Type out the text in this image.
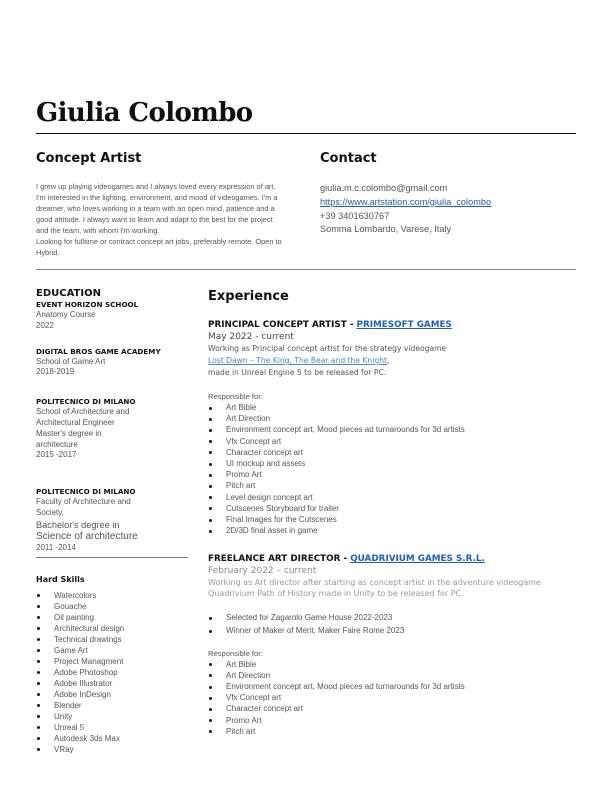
Giulia Colombo
Concept Artist	Contact

I grew up playing videogames and I always loved every expression of art. I'm interested in the lighting, environment, and mood of videogames. I'm a dreamer, who loves working in a team with an open mind, patience and a good attitude. I always want to learn and adapt to the best for the project and the team, with whom I'm working.

Looking for fulltime or contract concept art jobs, preferably remote. Open to Hybrid.

giulia.m.c.colombo@gmail.com
https://www.artstation.com/giulia_colombo
+39 3401630767
Somma Lombardo, Varese, Italy
EDUCATION
EVENT HORIZON SCHOOL
Anatomy Course
2022
DIGITAL BROS GAME ACADEMY
School of Game Art
2018-2019
POLITECNICO DI MILANO
School of Architecture and
Architectural Engineer
Master's degree in
architecture
2015 -2017
POLITECNICO DI MILANO
Faculty of Architecture and
Society,
Bachelor's degree in
Science of architecture
2011 -2014
Hard Skills
Watercolors
Gouache
Oil painting
Architectural design
Technical drawings
Game Art
Project Managment
Adobe Photoshop
Adobe Illustrator
Adobe InDesign
Blender
Unity
Unreal 5
Autodesk 3ds Max
VRay
Experience
PRINCIPAL CONCEPT ARTIST - PRIMESOFT GAMES
May 2022 - current
Working as Principal concept artist for the strategy videogame
Lost Dawn – The King, The Bear and the Knight,
made in Unreal Engine 5 to be released for PC.
Responsible for:
Art Bible
Art Direction
Environment concept art, Mood pieces ad turnarounds for 3d artists
Vfx Concept art
Character concept art
UI mockup and assets
Promo Art
Pitch art
Level design concept art
Cutscenes Storyboard for trailer
Final Images for the Cutscenes
2D/3D final asset in game
FREELANCE ART DIRECTOR - QUADRIVIUM GAMES S.R.L.
February 2022 – current
Working as Art director after starting as concept artist in the adventure videogame Quadrivium Path of History made in Unity to be released for PC.
Selected for Zagarolo Game House 2022-2023
Winner of Maker of Merit, Maker Faire Rome 2023
Responsible for:
Art Bible
Art Direction
Environment concept art, Mood pieces ad turnarounds for 3d artists
Vfx Concept art
Character concept art
Promo Art
Pitch art
